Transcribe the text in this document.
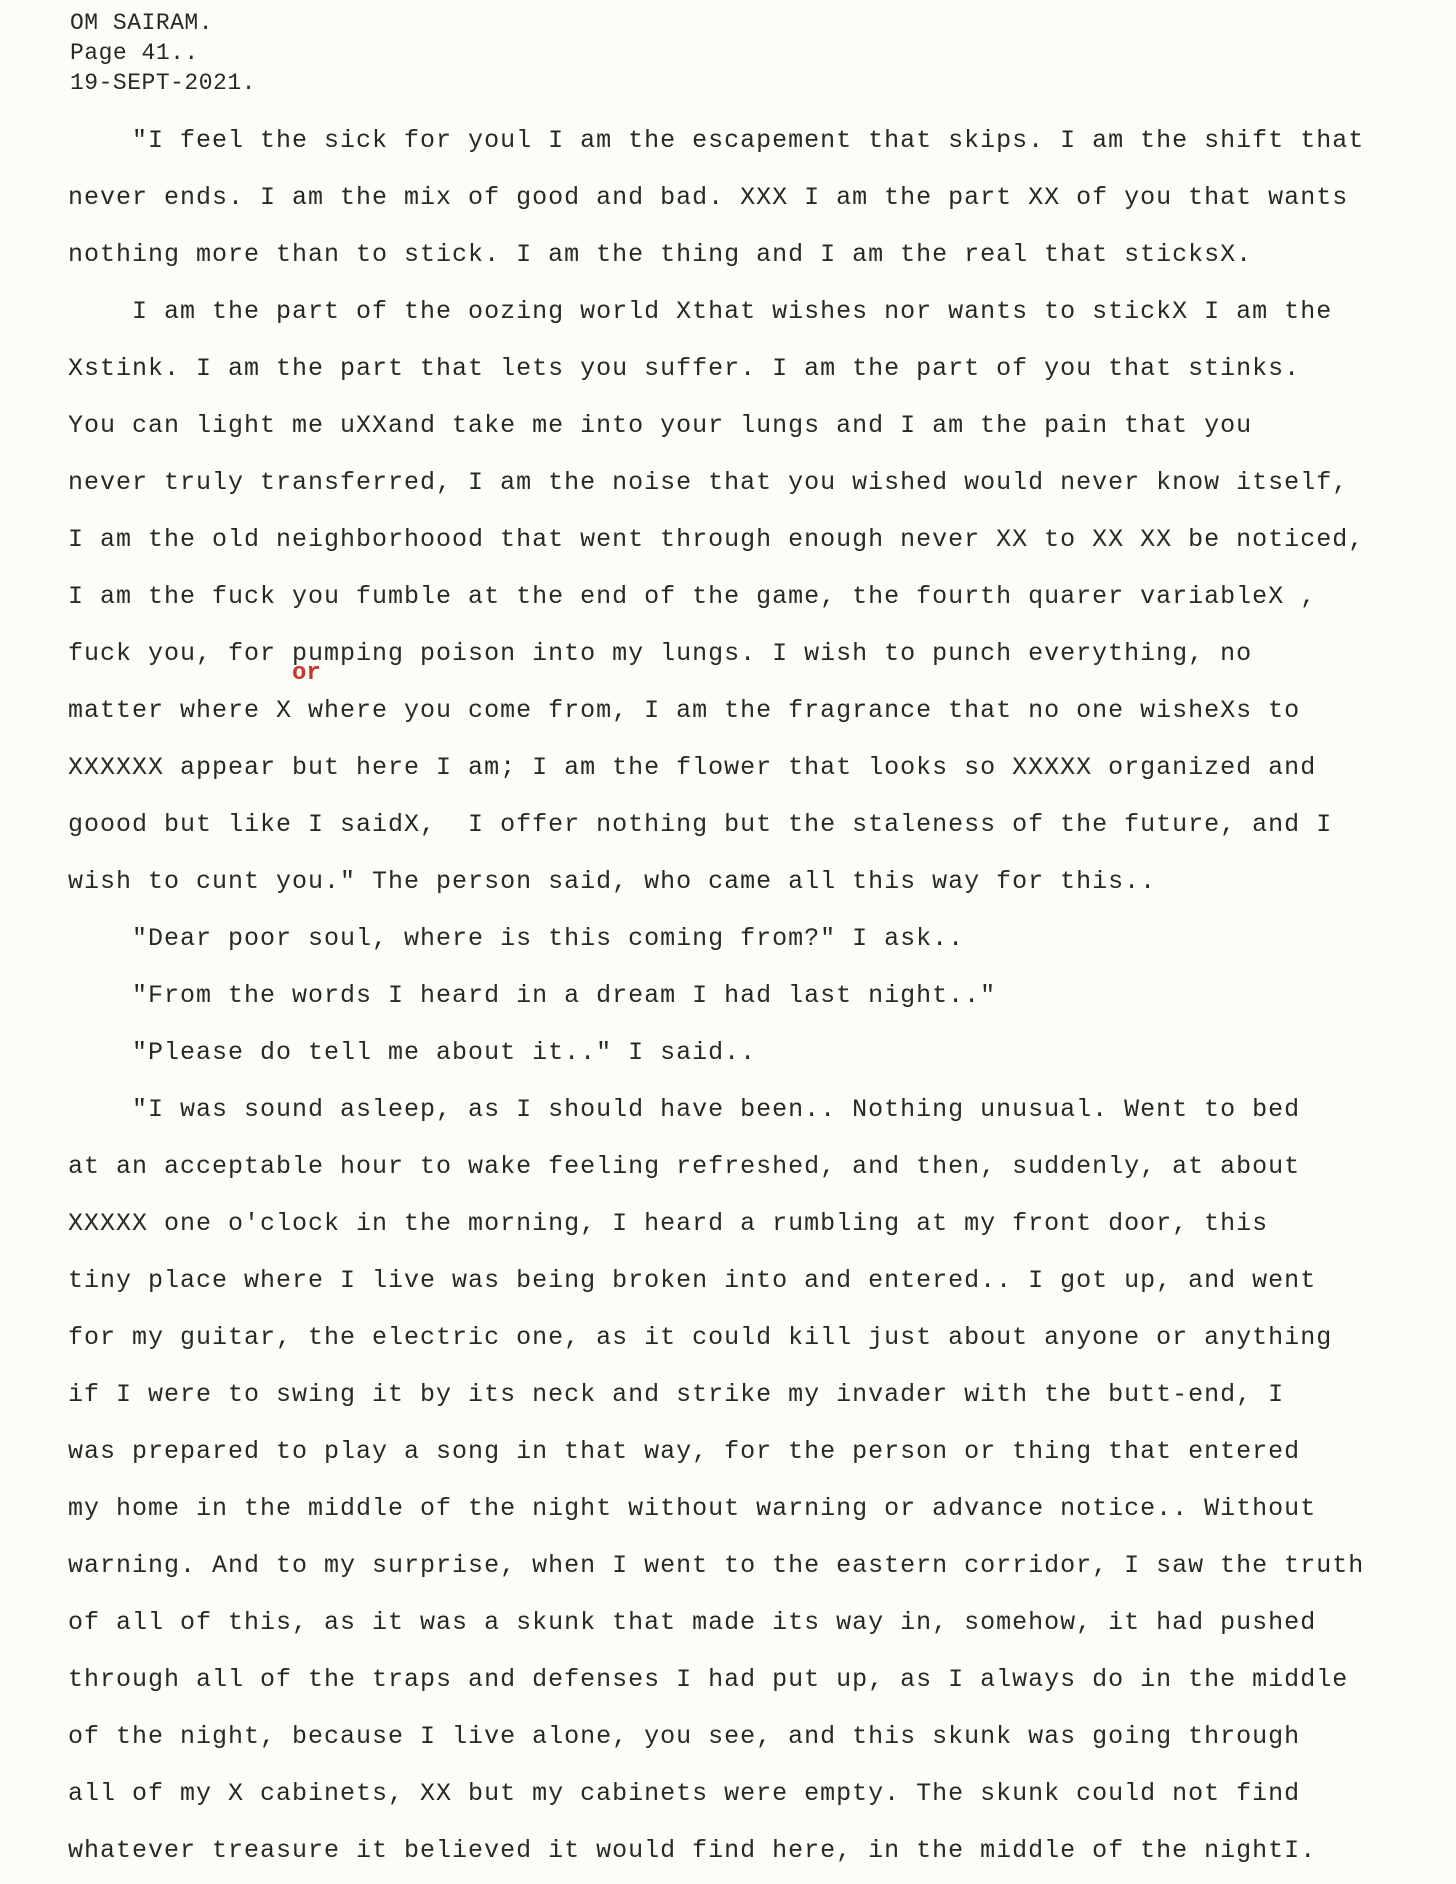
OM SAIRAM.
Page 41..
19-SEPT-2021.
or
"I feel the sick for youl I am the escapement that skips. I am the shift that
never ends. I am the mix of good and bad. XXX I am the part XX of you that wants
nothing more than to stick. I am the thing and I am the real that sticksX.
I am the part of the oozing world Xthat wishes nor wants to stickX I am the
Xstink. I am the part that lets you suffer. I am the part of you that stinks.
You can light me uXXand take me into your lungs and I am the pain that you
never truly transferred, I am the noise that you wished would never know itself,
I am the old neighborhoood that went through enough never XX to XX XX be noticed,
I am the fuck you fumble at the end of the game, the fourth quarer variableX ,
fuck you, for pumping poison into my lungs. I wish to punch everything, no
matter where X where you come from, I am the fragrance that no one wisheXs to
XXXXXX appear but here I am; I am the flower that looks so XXXXX organized and
goood but like I saidX,  I offer nothing but the staleness of the future, and I
wish to cunt you." The person said, who came all this way for this..
"Dear poor soul, where is this coming from?" I ask..
"From the words I heard in a dream I had last night.."
"Please do tell me about it.." I said..
"I was sound asleep, as I should have been.. Nothing unusual. Went to bed
at an acceptable hour to wake feeling refreshed, and then, suddenly, at about
XXXXX one o'clock in the morning, I heard a rumbling at my front door, this
tiny place where I live was being broken into and entered.. I got up, and went
for my guitar, the electric one, as it could kill just about anyone or anything
if I were to swing it by its neck and strike my invader with the butt-end, I
was prepared to play a song in that way, for the person or thing that entered
my home in the middle of the night without warning or advance notice.. Without
warning. And to my surprise, when I went to the eastern corridor, I saw the truth
of all of this, as it was a skunk that made its way in, somehow, it had pushed
through all of the traps and defenses I had put up, as I always do in the middle
of the night, because I live alone, you see, and this skunk was going through
all of my X cabinets, XX but my cabinets were empty. The skunk could not find
whatever treasure it believed it would find here, in the middle of the nightI.
